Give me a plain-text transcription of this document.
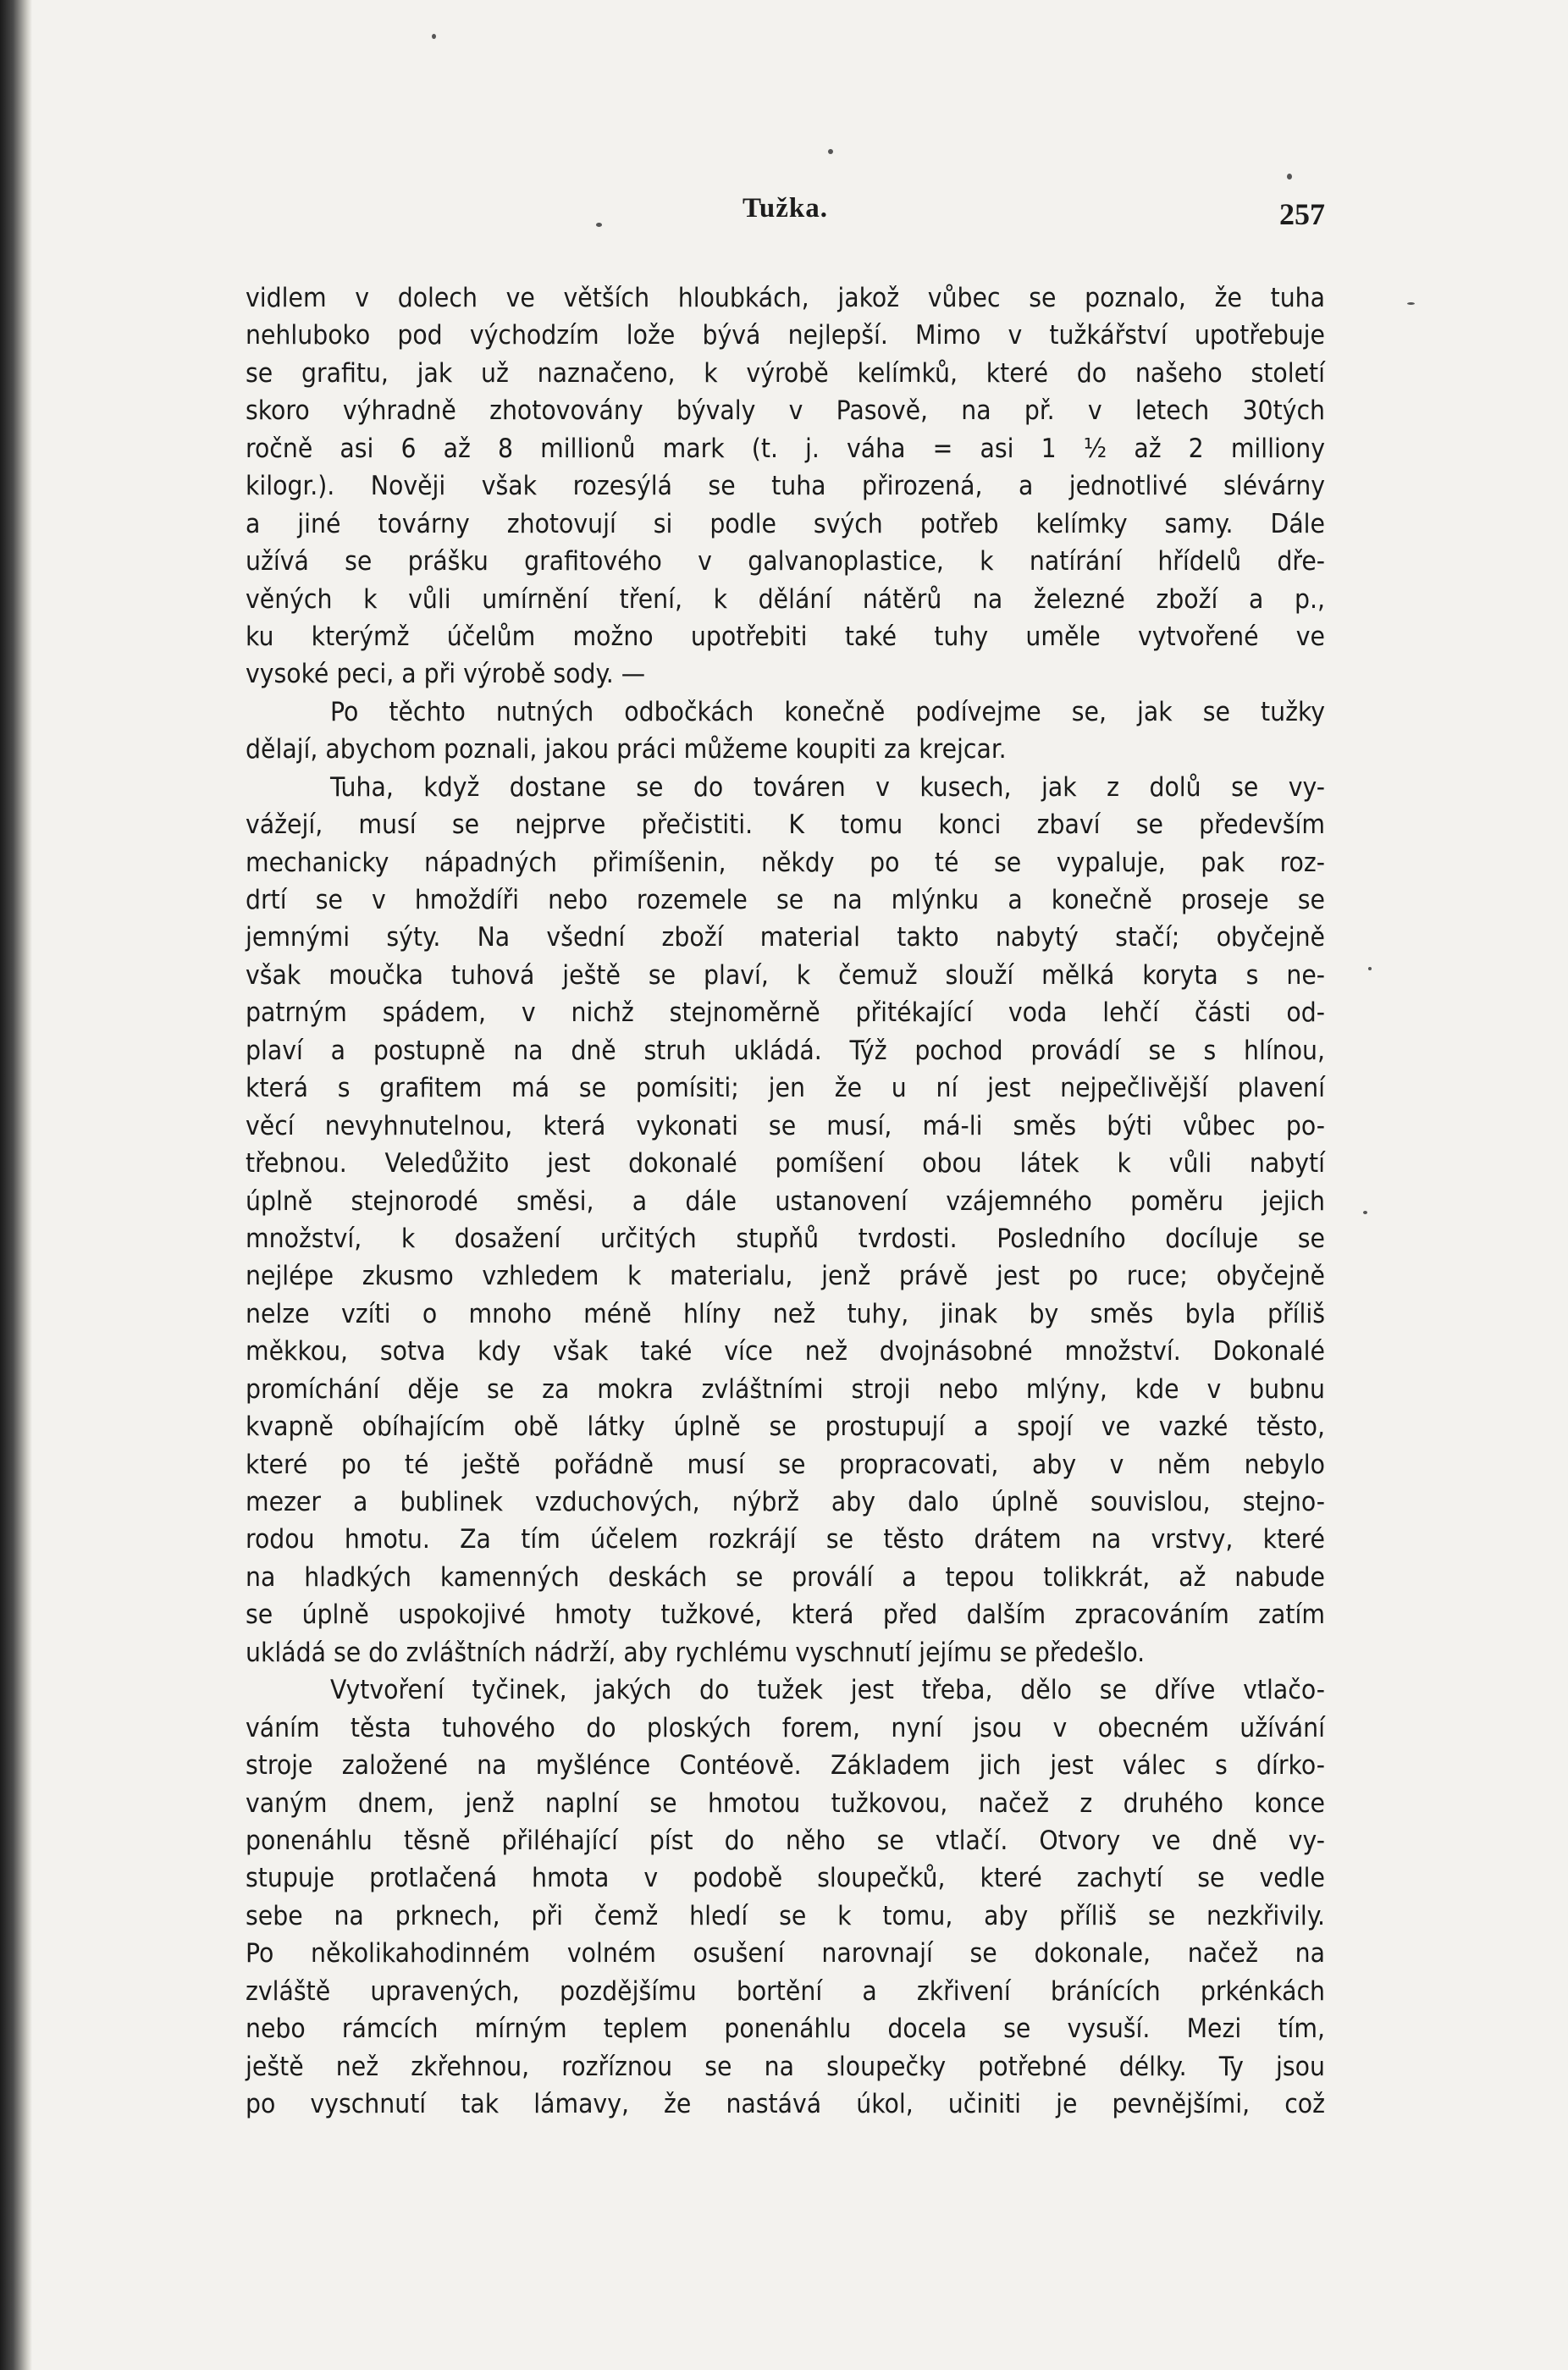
Tužka.	257
vidlem v dolech ve větších hloubkách, jakož vůbec se poznalo, že tuha
nehluboko pod východzím lože bývá nejlepší. Mimo v tužkářství upotřebuje
se grafitu, jak už naznačeno, k výrobě kelímků, které do našeho století
skoro výhradně zhotovovány bývaly v Pasově, na př. v letech 30tých
ročně asi 6 až 8 millionů mark (t. j. váha = asi 1 ½ až 2 milliony
kilogr.). Nověji však rozesýlá se tuha přirozená, a jednotlivé slévárny
a jiné továrny zhotovují si podle svých potřeb kelímky samy. Dále
užívá se prášku grafitového v galvanoplastice, k natírání hřídelů dře-
věných k vůli umírnění tření, k dělání nátěrů na železné zboží a p.,
ku kterýmž účelům možno upotřebiti také tuhy uměle vytvořené ve
vysoké peci, a při výrobě sody. —
Po těchto nutných odbočkách konečně podívejme se, jak se tužky
dělají, abychom poznali, jakou práci můžeme koupiti za krejcar.
Tuha, když dostane se do továren v kusech, jak z dolů se vy-
vážejí, musí se nejprve přečistiti. K tomu konci zbaví se především
mechanicky nápadných přimíšenin, někdy po té se vypaluje, pak roz-
drtí se v hmoždíři nebo rozemele se na mlýnku a konečně proseje se
jemnými sýty. Na všední zboží material takto nabytý stačí; obyčejně
však moučka tuhová ještě se plaví, k čemuž slouží mělká koryta s ne-
patrným spádem, v nichž stejnoměrně přitékající voda lehčí části od-
plaví a postupně na dně struh ukládá. Týž pochod provádí se s hlínou,
která s grafitem má se pomísiti; jen že u ní jest nejpečlivější plavení
věcí nevyhnutelnou, která vykonati se musí, má-li směs býti vůbec po-
třebnou. Veledůžito jest dokonalé pomíšení obou látek k vůli nabytí
úplně stejnorodé směsi, a dále ustanovení vzájemného poměru jejich
množství, k dosažení určitých stupňů tvrdosti. Posledního docíluje se
nejlépe zkusmo vzhledem k materialu, jenž právě jest po ruce; obyčejně
nelze vzíti o mnoho méně hlíny než tuhy, jinak by směs byla příliš
měkkou, sotva kdy však také více než dvojnásobné množství. Dokonalé
promíchání děje se za mokra zvláštními stroji nebo mlýny, kde v bubnu
kvapně obíhajícím obě látky úplně se prostupují a spojí ve vazké těsto,
které po té ještě pořádně musí se propracovati, aby v něm nebylo
mezer a bublinek vzduchových, nýbrž aby dalo úplně souvislou, stejno-
rodou hmotu. Za tím účelem rozkrájí se těsto drátem na vrstvy, které
na hladkých kamenných deskách se proválí a tepou tolikkrát, až nabude
se úplně uspokojivé hmoty tužkové, která před dalším zpracováním zatím
ukládá se do zvláštních nádrží, aby rychlému vyschnutí jejímu se předešlo.
Vytvoření tyčinek, jakých do tužek jest třeba, dělo se dříve vtlačo-
váním těsta tuhového do ploských forem, nyní jsou v obecném užívání
stroje založené na myšlénce Contéově. Základem jich jest válec s dírko-
vaným dnem, jenž naplní se hmotou tužkovou, načež z druhého konce
ponenáhlu těsně přiléhající píst do něho se vtlačí. Otvory ve dně vy-
stupuje protlačená hmota v podobě sloupečků, které zachytí se vedle
sebe na prknech, při čemž hledí se k tomu, aby příliš se nezkřivily.
Po několikahodinném volném osušení narovnají se dokonale, načež na
zvláště upravených, pozdějšímu bortění a zkřivení bránících prkénkách
nebo rámcích mírným teplem ponenáhlu docela se vysuší. Mezi tím,
ještě než zkřehnou, rozříznou se na sloupečky potřebné délky. Ty jsou
po vyschnutí tak lámavy, že nastává úkol, učiniti je pevnějšími, což
